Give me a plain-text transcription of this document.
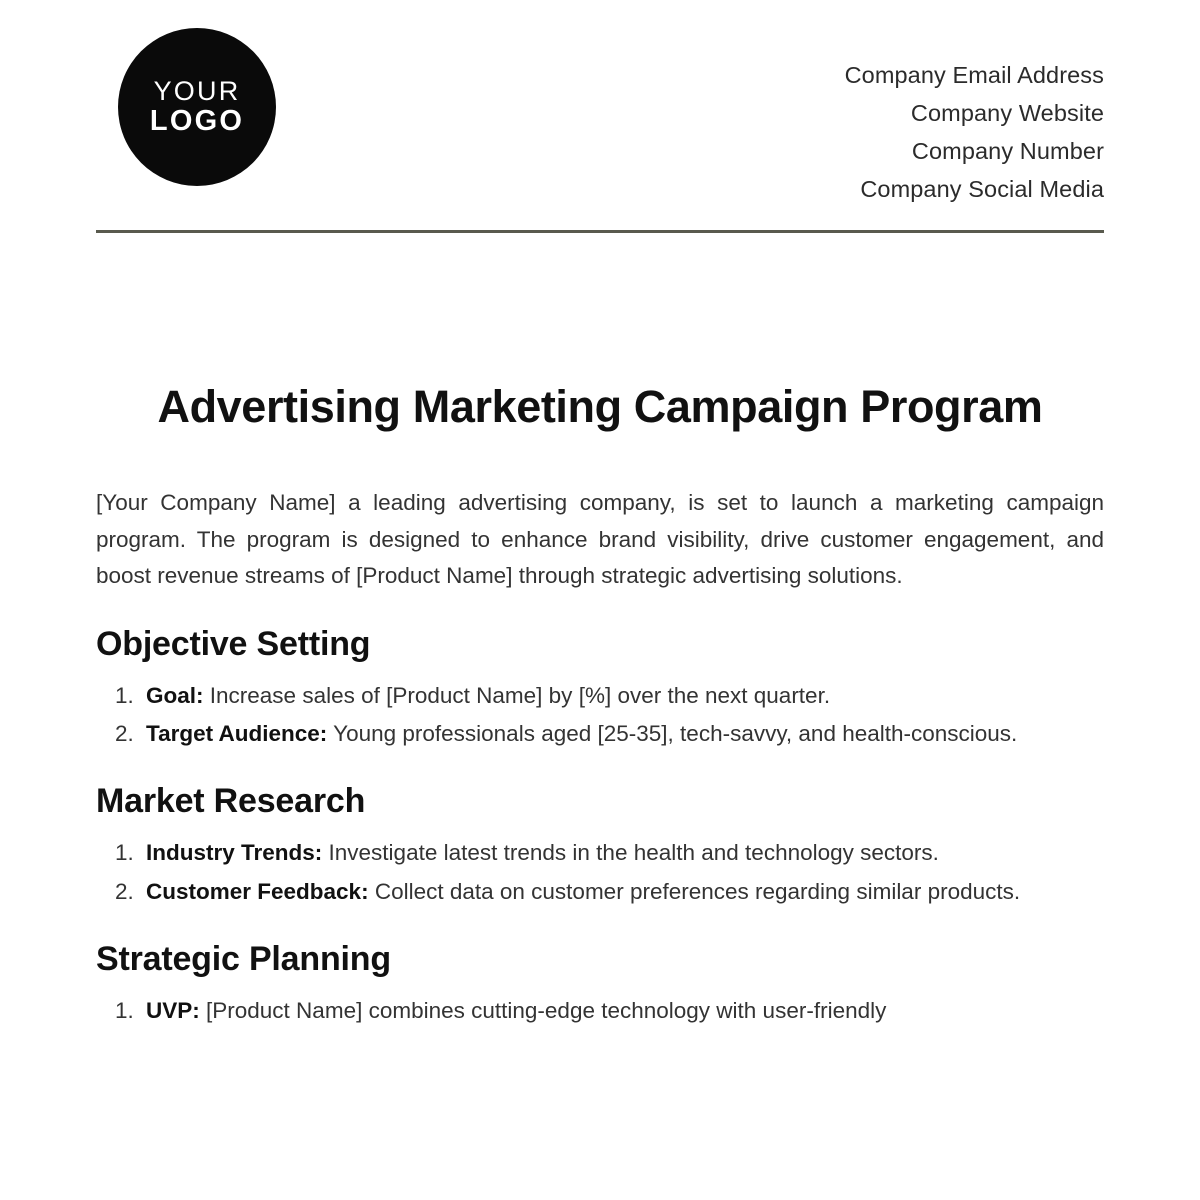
YOUR
LOGO
Company Email Address
Company Website
Company Number
Company Social Media
Advertising Marketing Campaign Program

[Your Company Name] a leading advertising company, is set to launch a marketing campaign program. The program is designed to enhance brand visibility, drive customer engagement, and boost revenue streams of [Product Name] through strategic advertising solutions.

Objective Setting
1. Goal: Increase sales of [Product Name] by [%] over the next quarter.
2. Target Audience: Young professionals aged [25-35], tech-savvy, and health-conscious.
Market Research
1. Industry Trends: Investigate latest trends in the health and technology sectors.
2. Customer Feedback: Collect data on customer preferences regarding similar products.
Strategic Planning
1. UVP: [Product Name] combines cutting-edge technology with user-friendly
